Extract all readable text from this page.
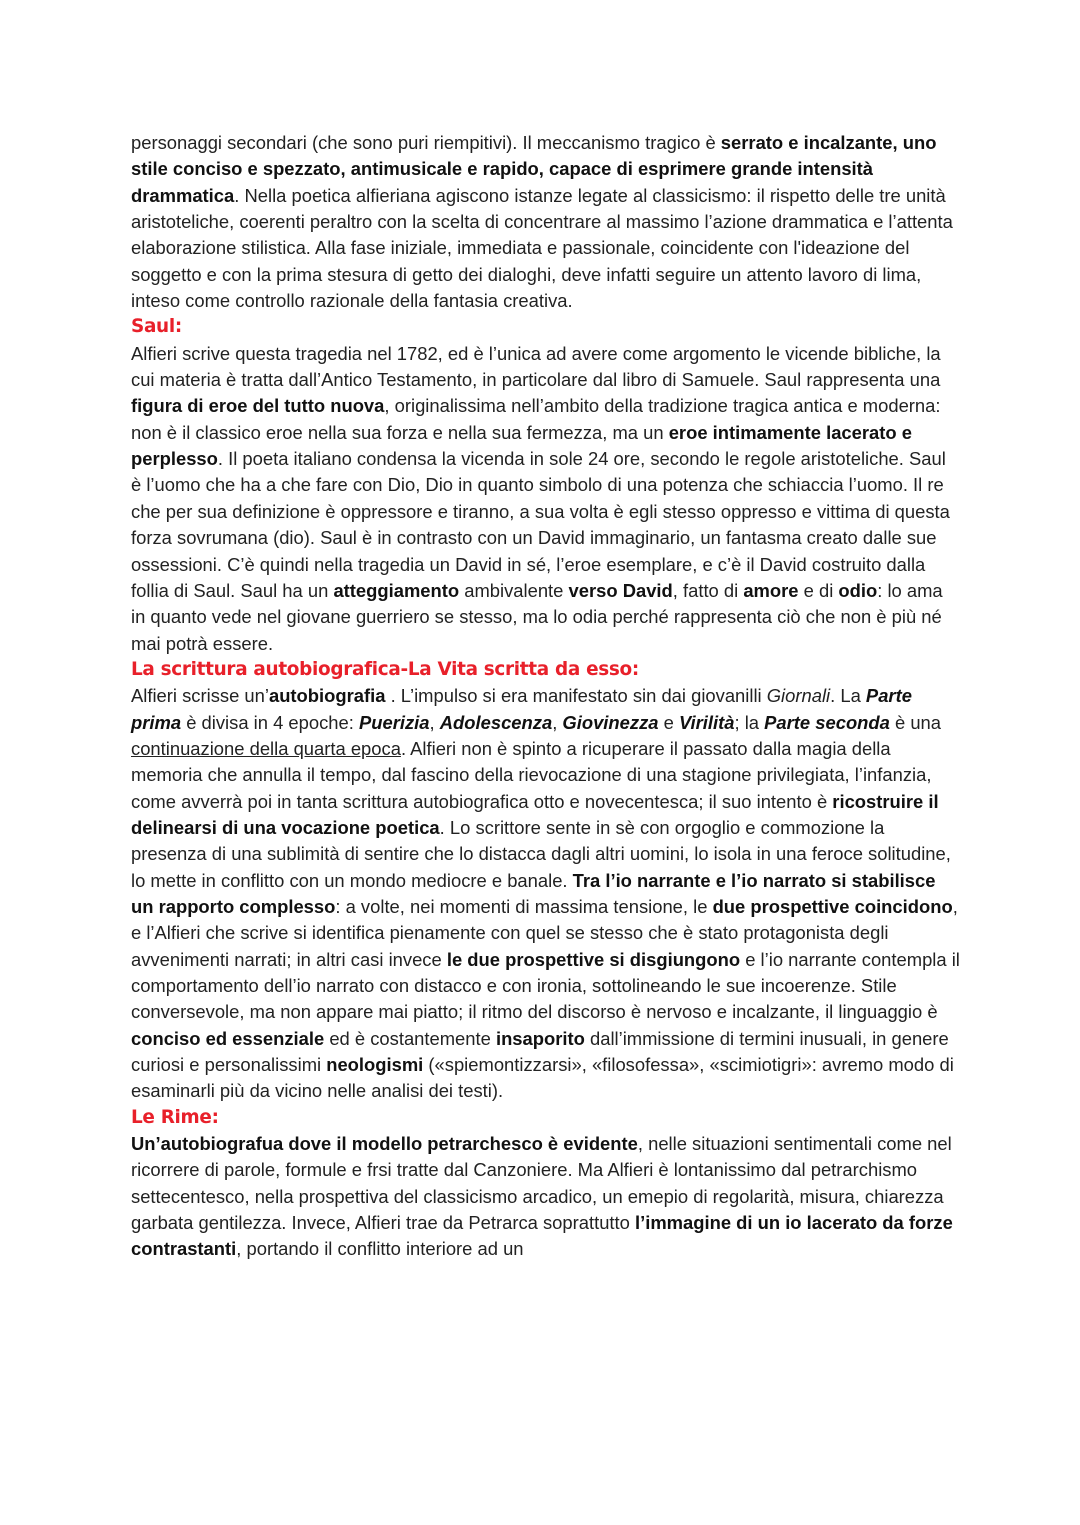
personaggi secondari (che sono puri riempitivi). Il meccanismo tragico è serrato e incalzante, uno stile conciso e spezzato, antimusicale e rapido, capace di esprimere grande intensità drammatica. Nella poetica alfieriana agiscono istanze legate al classicismo: il rispetto delle tre unità aristoteliche, coerenti peraltro con la scelta di concentrare al massimo l’azione drammatica e l’attenta elaborazione stilistica. Alla fase iniziale, immediata e passionale, coincidente con l'ideazione del soggetto e con la prima stesura di getto dei dialoghi, deve infatti seguire un attento lavoro di lima, inteso come controllo razionale della fantasia creativa.

Saul:

Alfieri scrive questa tragedia nel 1782, ed è l’unica ad avere come argomento le vicende bibliche, la cui materia è tratta dall’Antico Testamento, in particolare dal libro di Samuele. Saul rappresenta una figura di eroe del tutto nuova, originalissima nell’ambito della tradizione tragica antica e moderna: non è il classico eroe nella sua forza e nella sua fermezza, ma un eroe intimamente lacerato e perplesso. Il poeta italiano condensa la vicenda in sole 24 ore, secondo le regole aristoteliche. Saul è l’uomo che ha a che fare con Dio, Dio in quanto simbolo di una potenza che schiaccia l’uomo. Il re che per sua definizione è oppressore e tiranno, a sua volta è egli stesso oppresso e vittima di questa forza sovrumana (dio). Saul è in contrasto con un David immaginario, un fantasma creato dalle sue ossessioni. C’è quindi nella tragedia un David in sé, l’eroe esemplare, e c’è il David costruito dalla follia di Saul. Saul ha un atteggiamento ambivalente verso David, fatto di amore e di odio: lo ama in quanto vede nel giovane guerriero se stesso, ma lo odia perché rappresenta ciò che non è più né mai potrà essere.

La scrittura autobiografica-La Vita scritta da esso:

Alfieri scrisse un’autobiografia . L’impulso si era manifestato sin dai giovanilli Giornali. La Parte prima è divisa in 4 epoche: Puerizia, Adolescenza, Giovinezza e Virilità; la Parte seconda è una continuazione della quarta epoca. Alfieri non è spinto a ricuperare il passato dalla magia della memoria che annulla il tempo, dal fascino della rievocazione di una stagione privilegiata, l’infanzia, come avverrà poi in tanta scrittura autobiografica otto e novecentesca; il suo intento è ricostruire il delinearsi di una vocazione poetica. Lo scrittore sente in sè con orgoglio e commozione la presenza di una sublimità di sentire che lo distacca dagli altri uomini, lo isola in una feroce solitudine, lo mette in conflitto con un mondo mediocre e banale. Tra l’io narrante e l’io narrato si stabilisce un rapporto complesso: a volte, nei momenti di massima tensione, le due prospettive coincidono, e l’Alfieri che scrive si identifica pienamente con quel se stesso che è stato protagonista degli avvenimenti narrati; in altri casi invece le due prospettive si disgiungono e l’io narrante contempla il comportamento dell’io narrato con distacco e con ironia, sottolineando le sue incoerenze. Stile conversevole, ma non appare mai piatto; il ritmo del discorso è nervoso e incalzante, il linguaggio è conciso ed essenziale ed è costantemente insaporito dall’immissione di termini inusuali, in genere curiosi e personalissimi neologismi («spiemontizzarsi», «filosofessa», «scimiotigri»: avremo modo di esaminarli più da vicino nelle analisi dei testi).

Le Rime:

Un’autobiografua dove il modello petrarchesco è evidente, nelle situazioni sentimentali come nel ricorrere di parole, formule e frsi tratte dal Canzoniere. Ma Alfieri è lontanissimo dal petrarchismo settecentesco, nella prospettiva del classicismo arcadico, un emepio di regolarità, misura, chiarezza garbata gentilezza. Invece, Alfieri trae da Petrarca soprattutto l’immagine di un io lacerato da forze contrastanti, portando il conflitto interiore ad un
